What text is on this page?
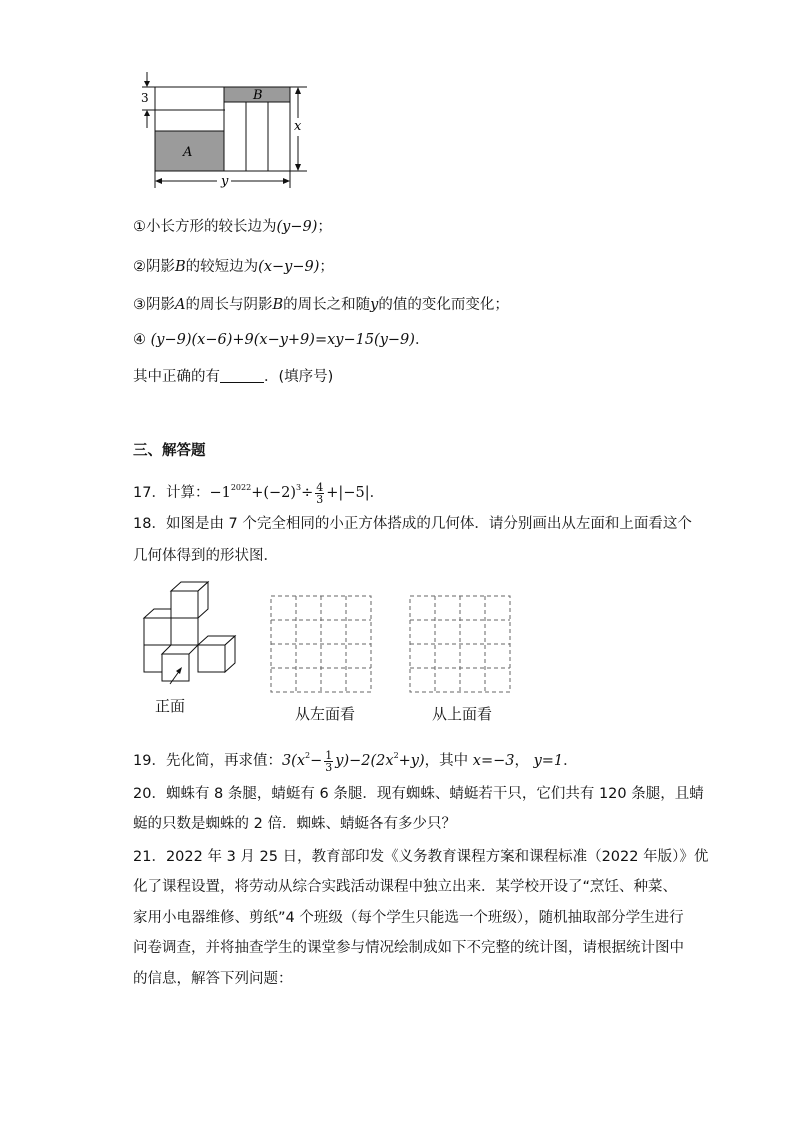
3
A
B
x
y
①小长方形的较长边为(y−9)；
②阴影B的较短边为(x−y−9)；
③阴影A的周长与阴影B的周长之和随y的值的变化而变化；
④ (y−9)(x−6)+9(x−y+9)=xy−15(y−9)．
其中正确的有	．(填序号)
三、解答题
17．计算：$-1^{2022}+(-2)^3\div \frac{4}{3} +|-5|$．
18．如图是由 7 个完全相同的小正方体搭成的几何体．请分别画出从左面和上面看这个
几何体得到的形状图．
正面	从左面看	从上面看
19．先化简，再求值：$3(x^2- \frac{1}{3} y)-2(2x^2+y)$，其中 x=−3， y=1．
20．蜘蛛有 8 条腿，蜻蜓有 6 条腿．现有蜘蛛、蜻蜓若干只，它们共有 120 条腿，且蜻
蜓的只数是蜘蛛的 2 倍．蜘蛛、蜻蜓各有多少只？
21．2022 年 3 月 25 日，教育部印发《义务教育课程方案和课程标准（2022 年版）》优
化了课程设置，将劳动从综合实践活动课程中独立出来．某学校开设了“烹饪、种菜、
家用小电器维修、剪纸”4 个班级（每个学生只能选一个班级），随机抽取部分学生进行
问卷调查，并将抽查学生的课堂参与情况绘制成如下不完整的统计图，请根据统计图中
的信息，解答下列问题：
